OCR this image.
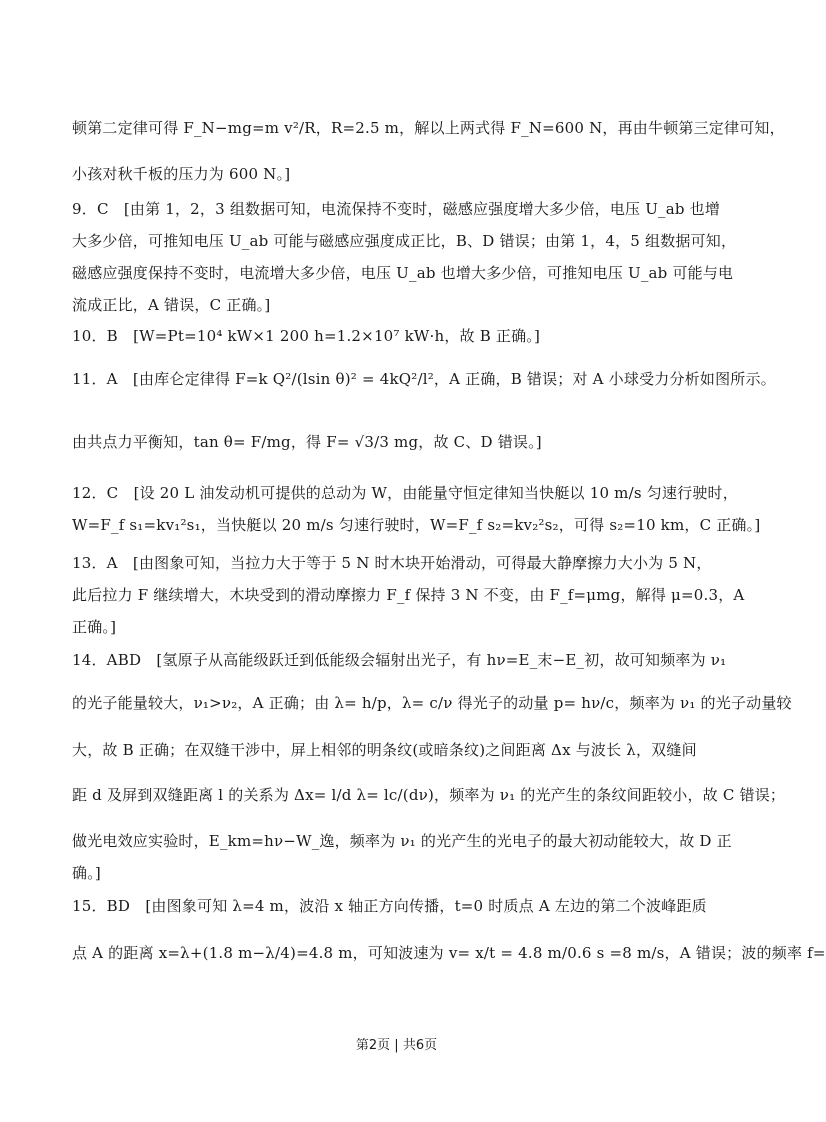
顿第二定律可得 F_N−mg=m v²/R，R=2.5 m，解以上两式得 F_N=600 N，再由牛顿第三定律可知，
小孩对秋千板的压力为 600 N。]
9．C　[由第 1，2，3 组数据可知，电流保持不变时，磁感应强度增大多少倍，电压 U_ab 也增
大多少倍，可推知电压 U_ab 可能与磁感应强度成正比，B、D 错误；由第 1，4，5 组数据可知，
磁感应强度保持不变时，电流增大多少倍，电压 U_ab 也增大多少倍，可推知电压 U_ab 可能与电
流成正比，A 错误，C 正确。]
10．B　[W=Pt=10⁴ kW×1 200 h=1.2×10⁷ kW·h，故 B 正确。]
11．A　[由库仑定律得 F=k Q²/(lsin θ)² = 4kQ²/l²，A 正确，B 错误；对 A 小球受力分析如图所示。
由共点力平衡知，tan θ= F/mg，得 F= √3/3 mg，故 C、D 错误。]
12．C　[设 20 L 油发动机可提供的总动为 W，由能量守恒定律知当快艇以 10 m/s 匀速行驶时，
W=F_f s₁=kv₁²s₁，当快艇以 20 m/s 匀速行驶时，W=F_f s₂=kv₂²s₂，可得 s₂=10 km，C 正确。]
13．A　[由图象可知，当拉力大于等于 5 N 时木块开始滑动，可得最大静摩擦力大小为 5 N，
此后拉力 F 继续增大，木块受到的滑动摩擦力 F_f 保持 3 N 不变，由 F_f=μmg，解得 μ=0.3，A
正确。]
14．ABD　[氢原子从高能级跃迁到低能级会辐射出光子，有 hν=E_末−E_初，故可知频率为 ν₁
的光子能量较大，ν₁>ν₂，A 正确；由 λ= h/p，λ= c/ν 得光子的动量 p= hν/c，频率为 ν₁ 的光子动量较
大，故 B 正确；在双缝干涉中，屏上相邻的明条纹(或暗条纹)之间距离 Δx 与波长 λ，双缝间
距 d 及屏到双缝距离 l 的关系为 Δx= l/d λ= lc/(dν)，频率为 ν₁ 的光产生的条纹间距较小，故 C 错误；
做光电效应实验时，E_km=hν−W_逸，频率为 ν₁ 的光产生的光电子的最大初动能较大，故 D 正
确。]
15．BD　[由图象可知 λ=4 m，波沿 x 轴正方向传播，t=0 时质点 A 左边的第二个波峰距质
点 A 的距离 x=λ+(1.8 m−λ/4)=4.8 m，可知波速为 v= x/t = 4.8 m/0.6 s =8 m/s，A 错误；波的频率 f=
第2页 | 共6页
